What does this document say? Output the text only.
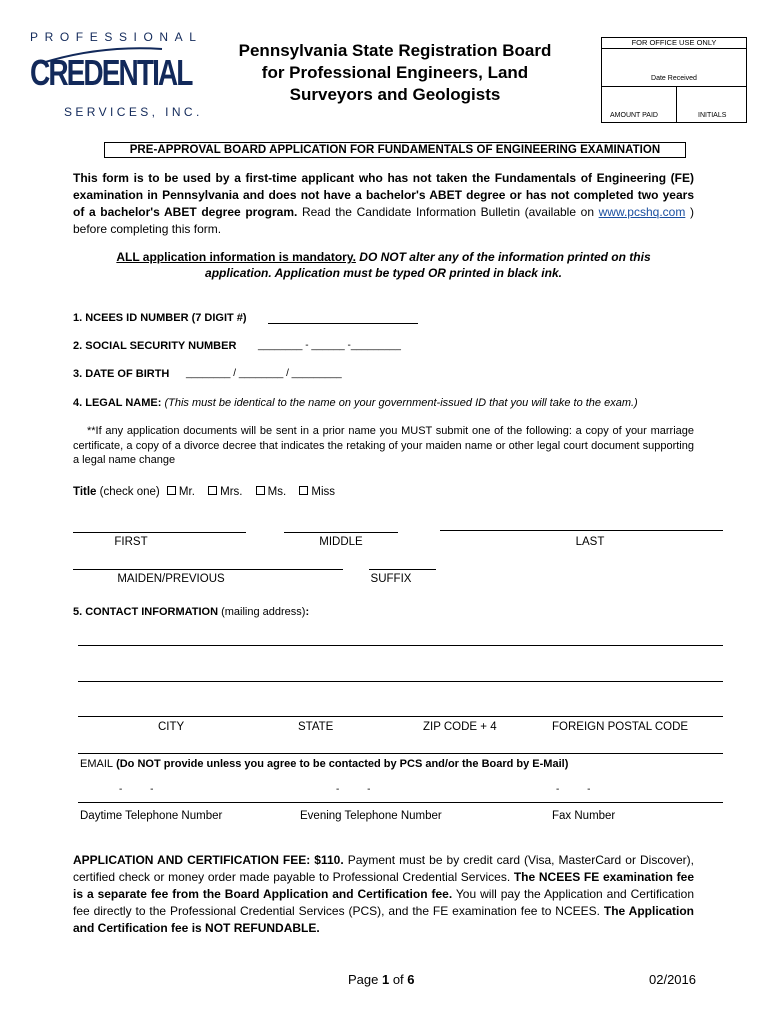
PROFESSIONAL
CREDENTIAL
SERVICES, INC.
Pennsylvania State Registration Board
for Professional Engineers, Land
Surveyors and Geologists
FOR OFFICE USE ONLY
Date Received
AMOUNT PAID	INITIALS
PRE-APPROVAL BOARD APPLICATION FOR FUNDAMENTALS OF ENGINEERING EXAMINATION
This form is to be used by a first-time applicant who has not taken the Fundamentals of Engineering (FE) examination in Pennsylvania and does not have a bachelor's ABET degree or has not completed two years of a bachelor's ABET degree program. Read the Candidate Information Bulletin (available on www.pcshq.com ) before completing this form.
ALL application information is mandatory. DO NOT alter any of the information printed on this
application. Application must be typed OR printed in black ink.
1. NCEES ID NUMBER (7 DIGIT #)
2. SOCIAL SECURITY NUMBER ________ - ______ -_________
3. DATE OF BIRTH ________ / ________ / _________
4. LEGAL NAME: (This must be identical to the name on your government-issued ID that you will take to the exam.)
**If any application documents will be sent in a prior name you MUST submit one of the following: a copy of your marriage certificate, a copy of a divorce decree that indicates the retaking of your maiden name or other legal court document supporting a legal name change
Title (check one) Mr. Mrs. Ms. Miss
FIRST	MIDDLE	LAST
MAIDEN/PREVIOUS	SUFFIX
5. CONTACT INFORMATION (mailing address):
CITY	STATE	ZIP CODE + 4	FOREIGN POSTAL CODE
EMAIL (Do NOT provide unless you agree to be contacted by PCS and/or the Board by E-Mail)
-          -	-          -	-          -
Daytime Telephone Number	Evening Telephone Number	Fax Number
APPLICATION AND CERTIFICATION FEE: $110. Payment must be by credit card (Visa, MasterCard or Discover), certified check or money order made payable to Professional Credential Services. The NCEES FE examination fee is a separate fee from the Board Application and Certification fee. You will pay the Application and Certification fee directly to the Professional Credential Services (PCS), and the FE examination fee to NCEES. The Application and Certification fee is NOT REFUNDABLE.
Page 1 of 6	02/2016
